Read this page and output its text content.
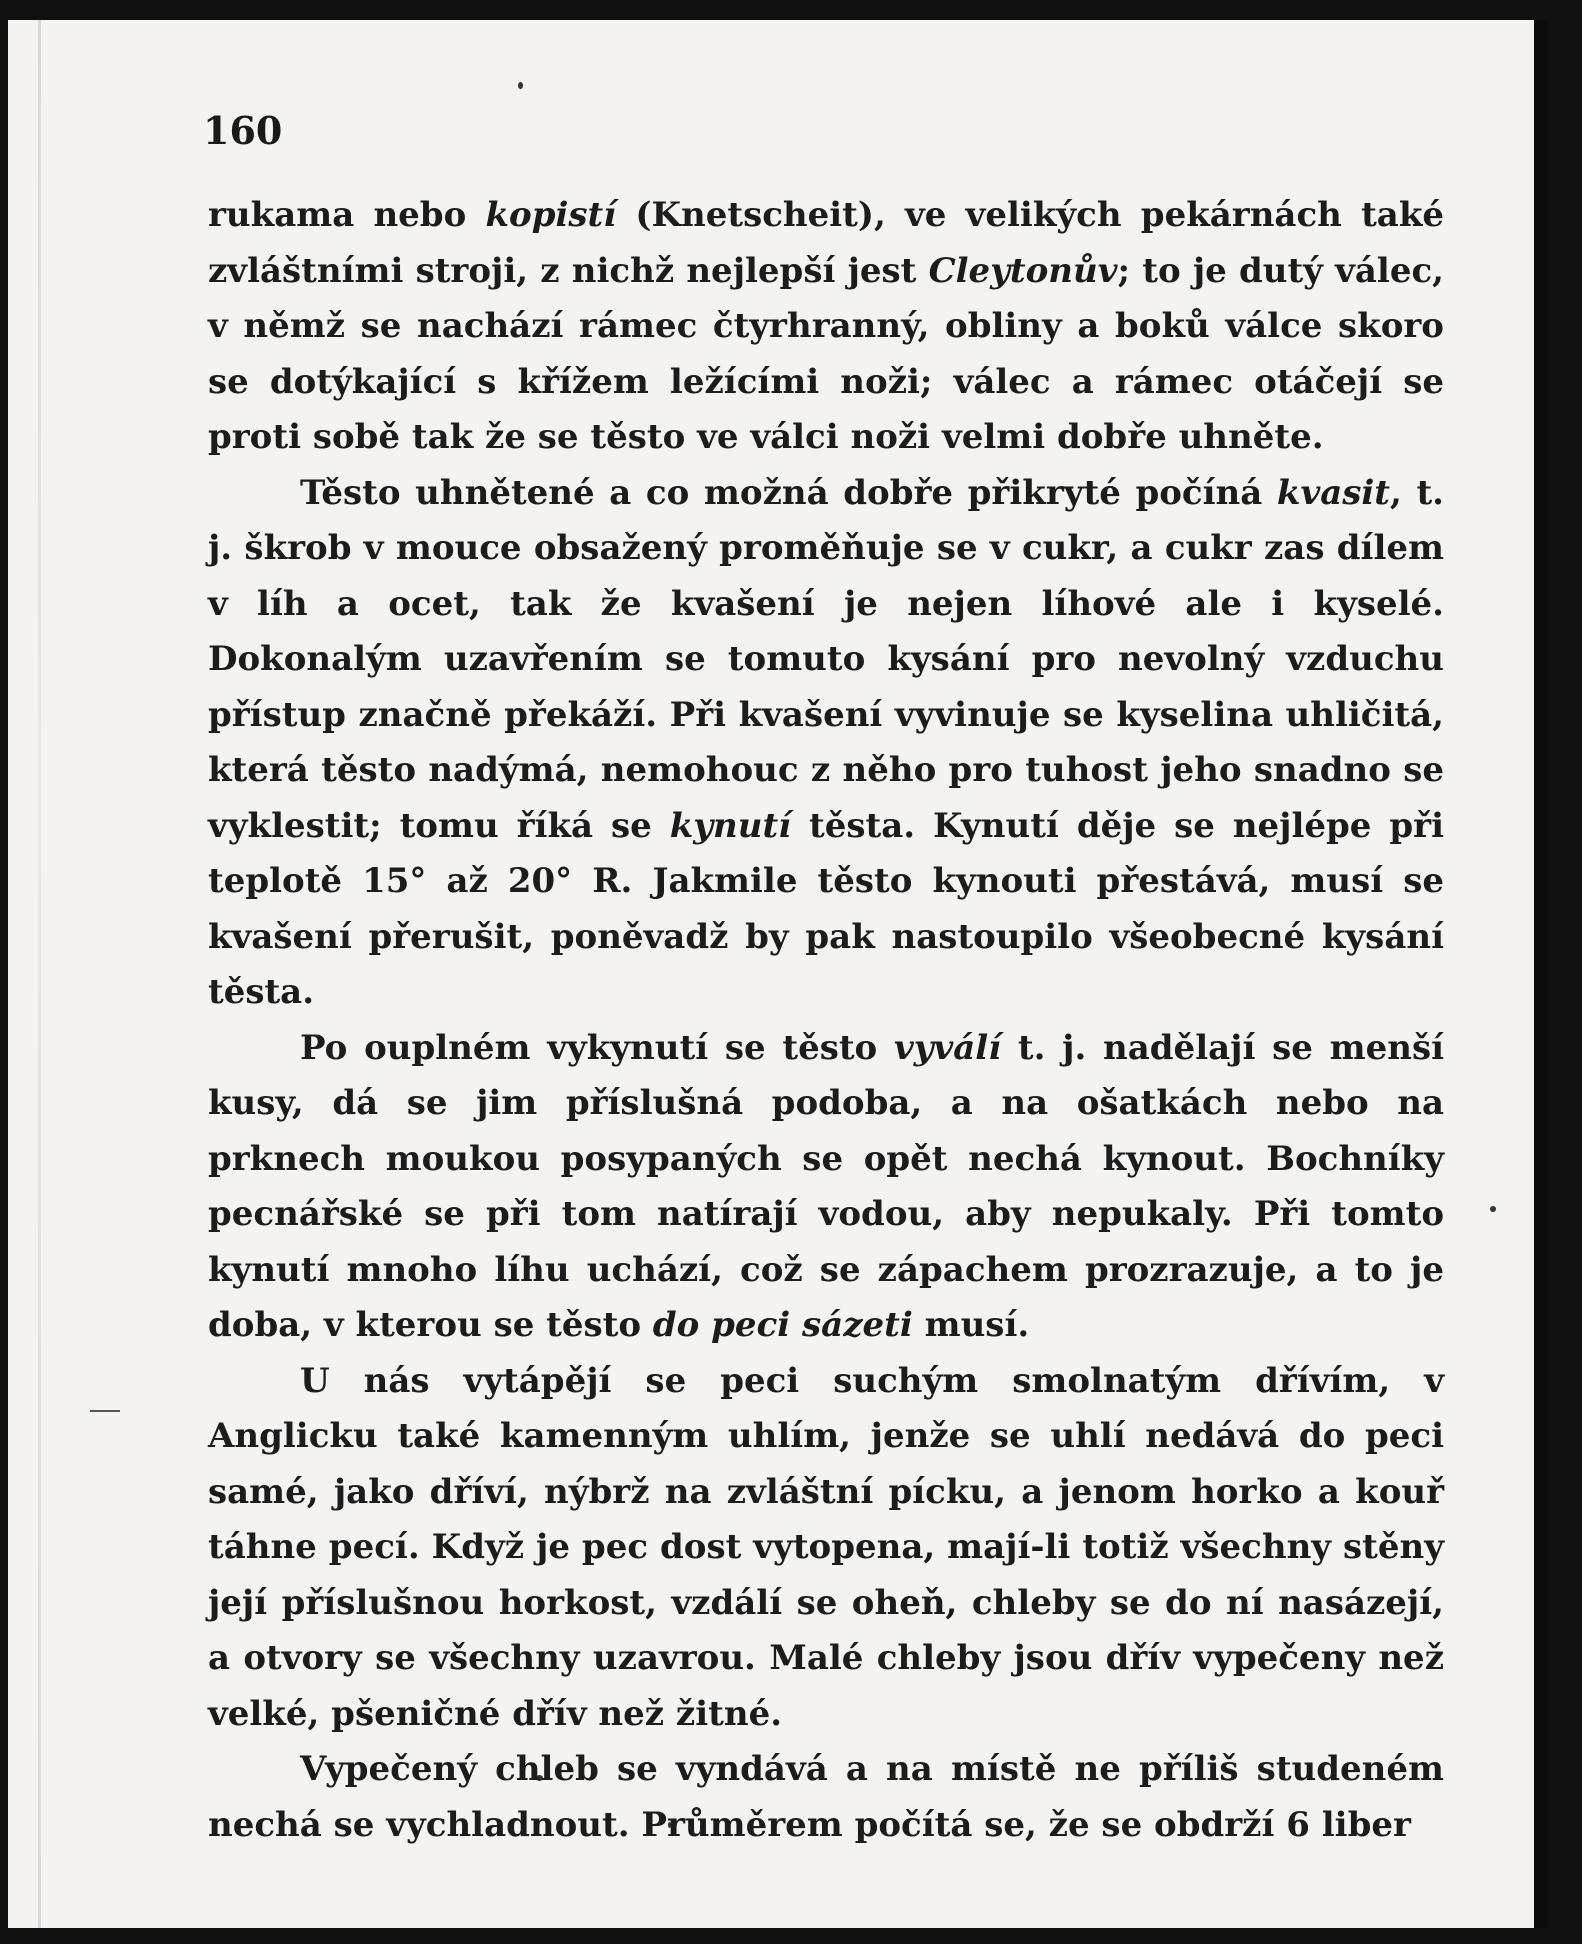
160

rukama nebo kopistí (Knetscheit), ve velikých pekárnách také zvláštními stroji, z nichž nejlepší jest Cleytonův; to je dutý válec, v němž se nachází rámec čtyrhranný, obliny a boků válce skoro se dotýkající s křížem ležícími noži; válec a rámec otáčejí se proti sobě tak že se těsto ve válci noži velmi dobře uhněte.

Těsto uhnětené a co možná dobře přikryté počíná kvasit, t. j. škrob v mouce obsažený proměňuje se v cukr, a cukr zas dílem v líh a ocet, tak že kvašení je nejen líhové ale i kyselé. Dokonalým uzavřením se tomuto kysání pro nevolný vzduchu přístup značně překáží. Při kvašení vyvinuje se kyselina uhličitá, která těsto nadýmá, nemohouc z něho pro tuhost jeho snadno se vyklestit; tomu říká se kynutí těsta. Kynutí děje se nejlépe při teplotě 15° až 20° R. Jakmile těsto kynouti přestává, musí se kvašení přerušit, poněvadž by pak nastoupilo všeobecné kysání těsta.

Po ouplném vykynutí se těsto vyválí t. j. nadělají se menší kusy, dá se jim příslušná podoba, a na ošatkách nebo na prknech moukou posypaných se opět nechá kynout. Bochníky pecnářské se při tom natírají vodou, aby nepukaly. Při tomto kynutí mnoho líhu uchází, což se zápachem prozrazuje, a to je doba, v kterou se těsto do peci sázeti musí.

U nás vytápějí se peci suchým smolnatým dřívím, v Anglicku také kamenným uhlím, jenže se uhlí nedává do peci samé, jako dříví, nýbrž na zvláštní pícku, a jenom horko a kouř táhne pecí. Když je pec dost vytopena, mají-li totiž všechny stěny její příslušnou horkost, vzdálí se oheň, chleby se do ní nasázejí, a otvory se všechny uzavrou. Malé chleby jsou dřív vypečeny než velké, pšeničné dřív než žitné.

Vypečený chleb se vyndává a na místě ne příliš studeném nechá se vychladnout. Průměrem počítá se, že se obdrží 6 liber
